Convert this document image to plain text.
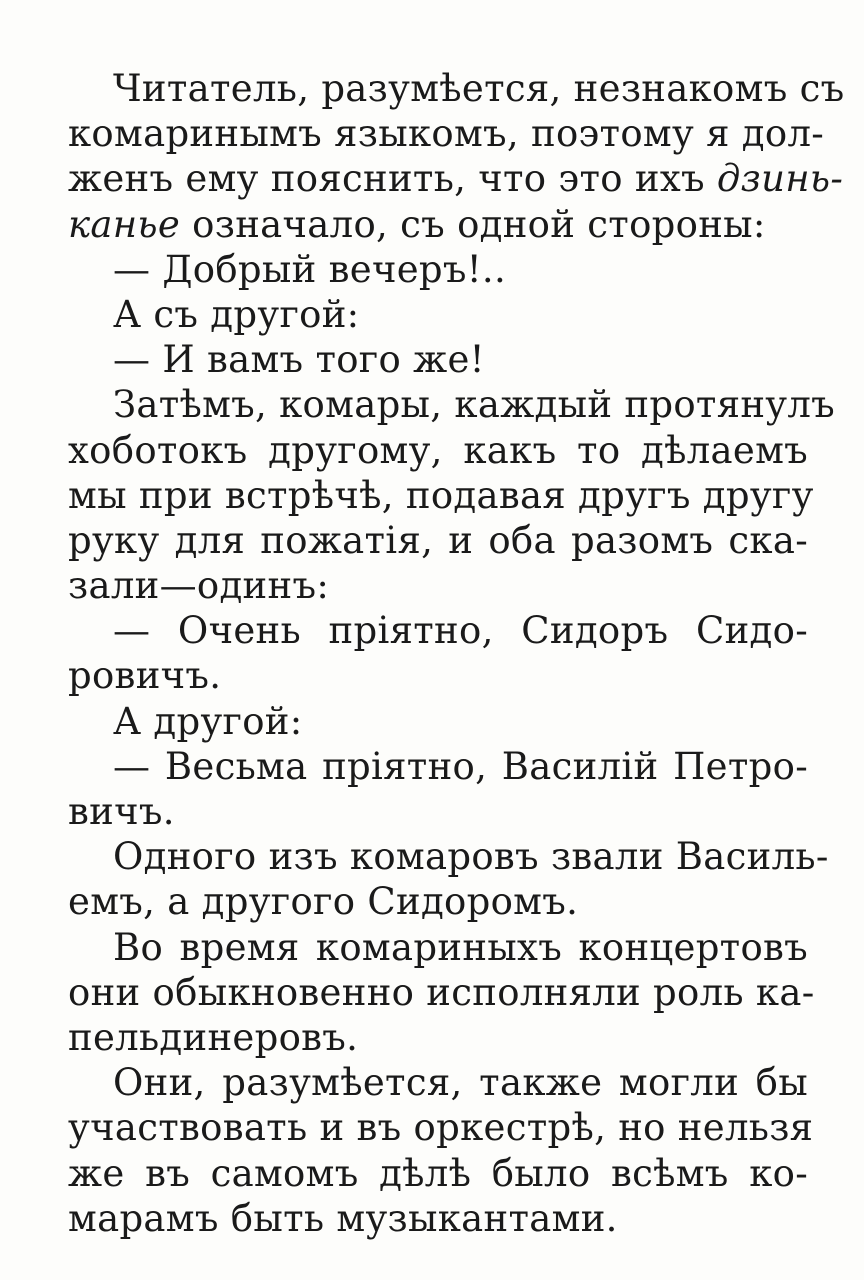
Читатель, разумѣется, незнакомъ съ
комаринымъ языкомъ, поэтому я дол-
женъ ему пояснить, что это ихъ дзинь-
канье означало, съ одной стороны:
— Добрый вечеръ!..
А съ другой:
— И вамъ того же!
Затѣмъ, комары, каждый протянулъ
хоботокъ другому, какъ то дѣлаемъ
мы при встрѣчѣ, подавая другъ другу
руку для пожатія, и оба разомъ ска-
зали—одинъ:
— Очень пріятно, Сидоръ Сидо-
ровичъ.
А другой:
— Весьма пріятно, Василій Петро-
вичъ.
Одного изъ комаровъ звали Василь-
емъ, а другого Сидоромъ.
Во время комариныхъ концертовъ
они обыкновенно исполняли роль ка-
пельдинеровъ.
Они, разумѣется, также могли бы
участвовать и въ оркестрѣ, но нельзя
же въ самомъ дѣлѣ было всѣмъ ко-
марамъ быть музыкантами.
